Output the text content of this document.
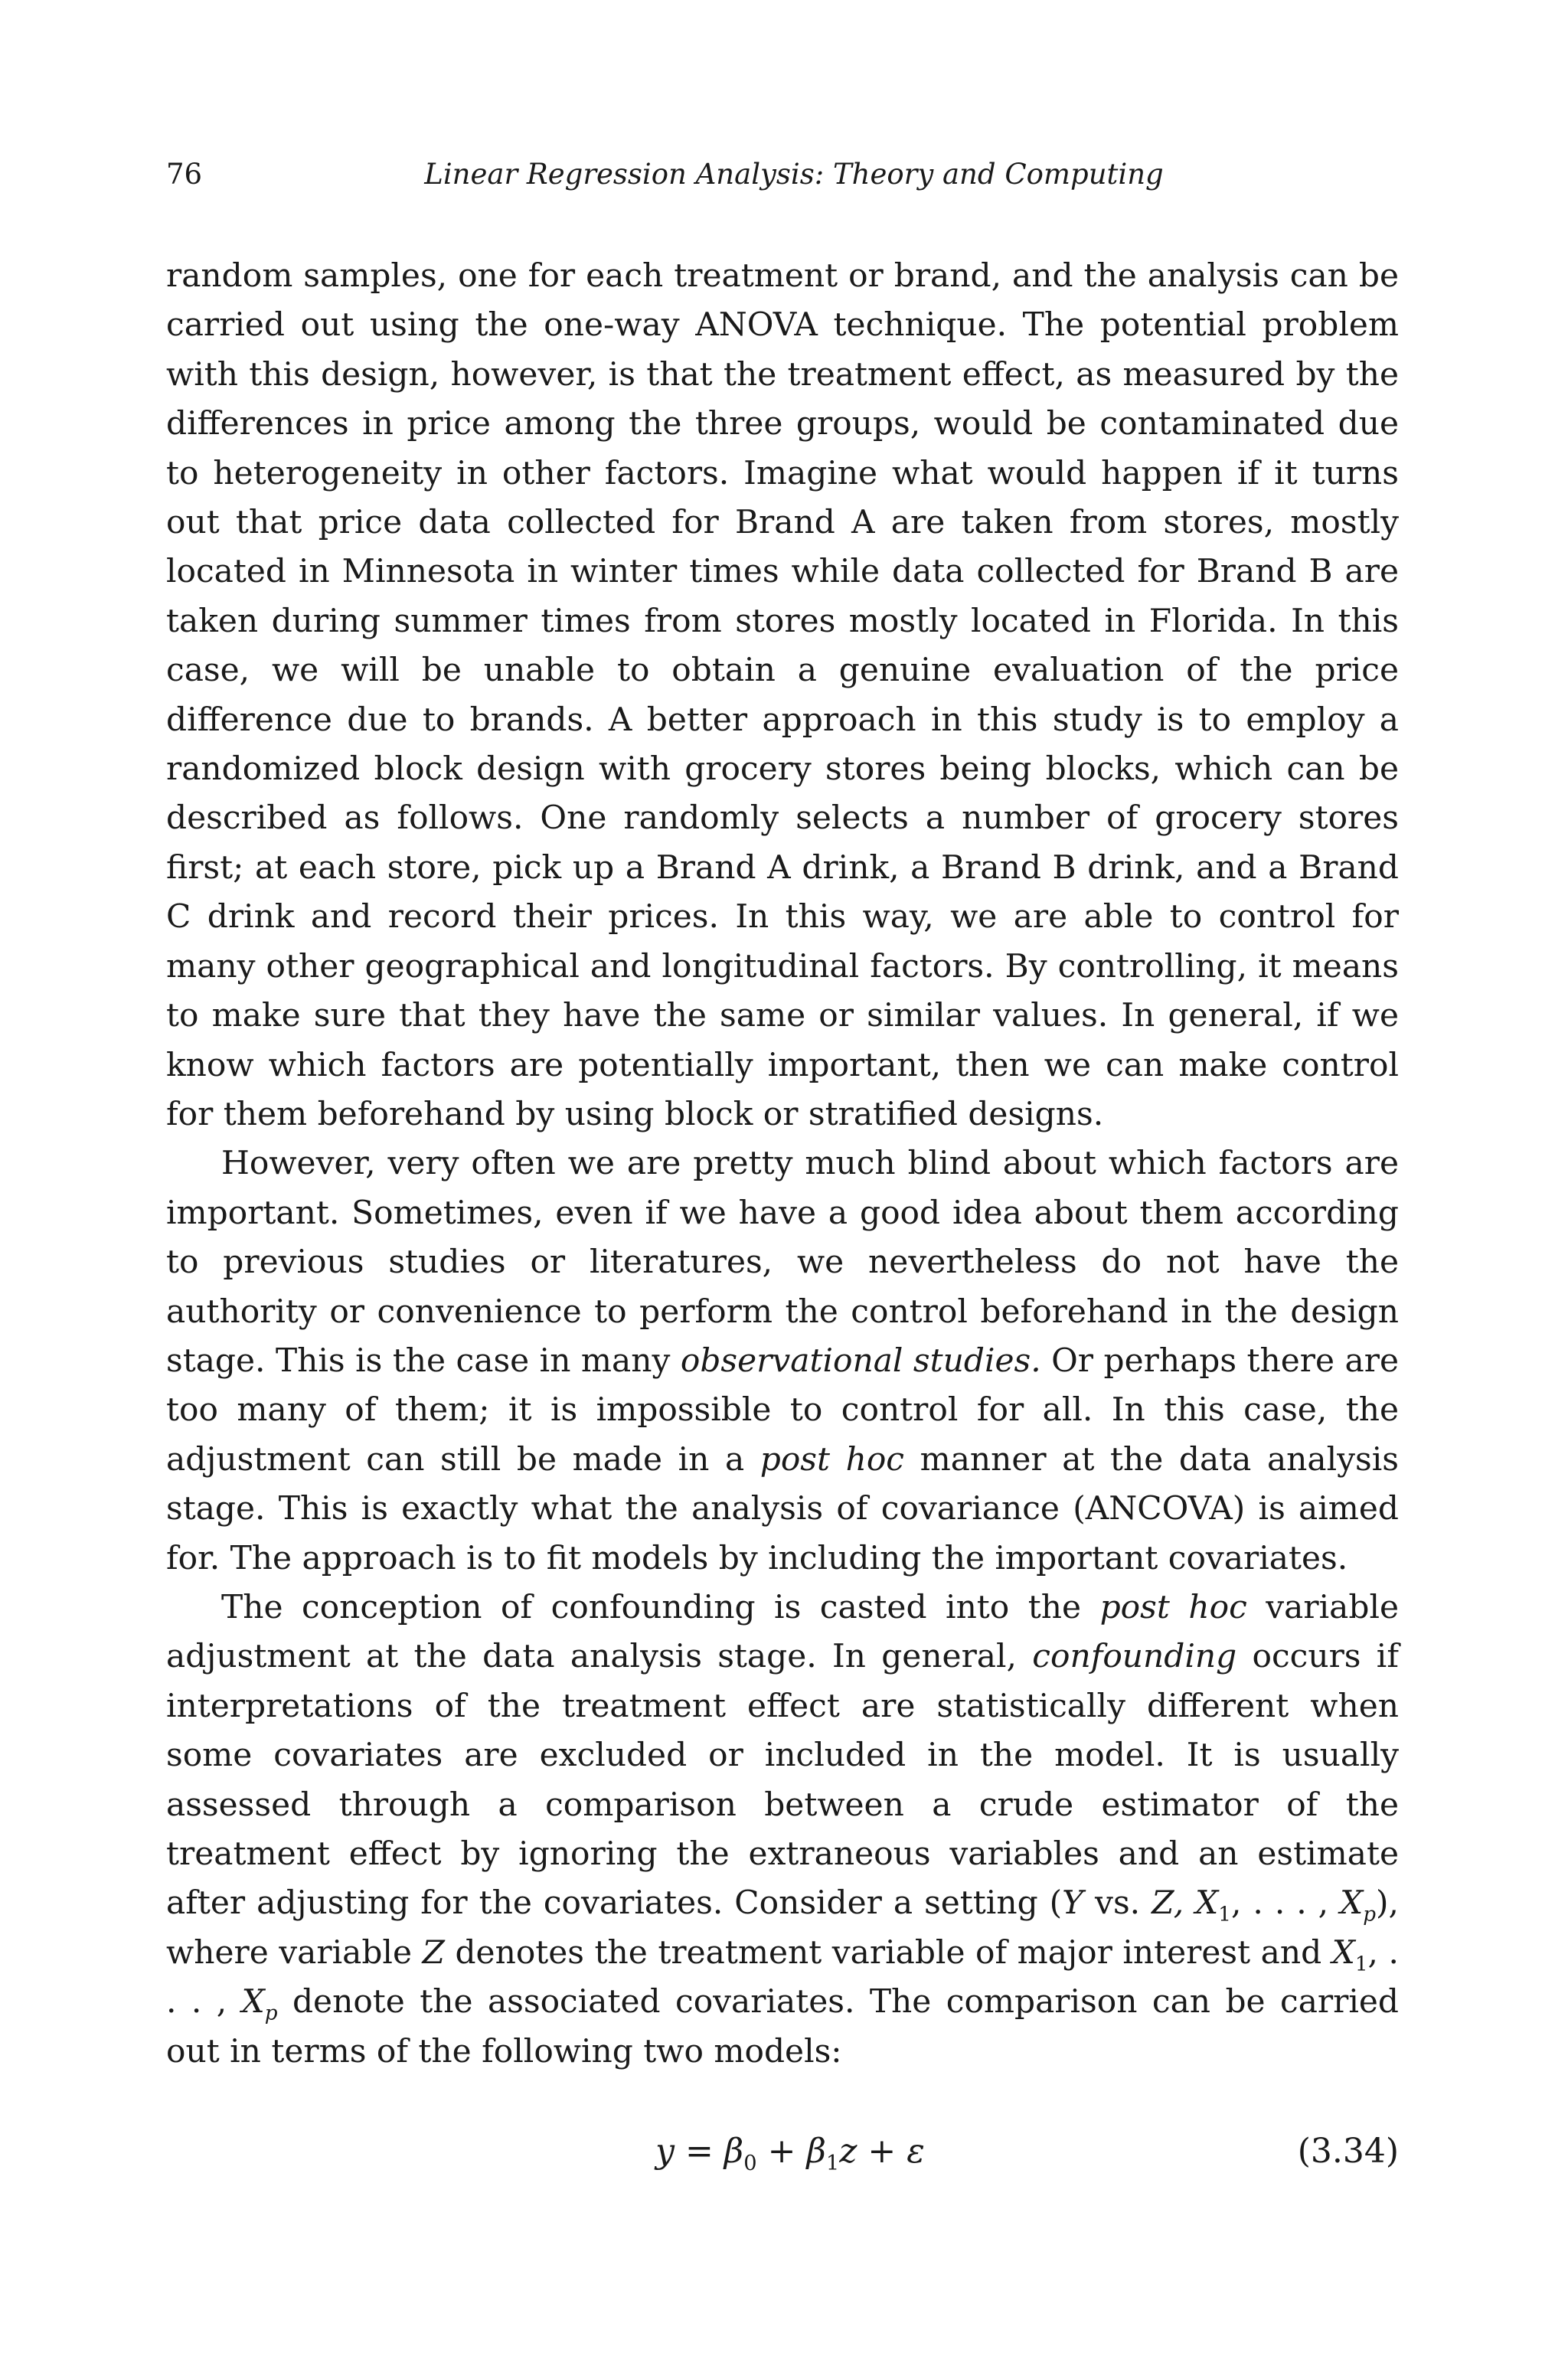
76	Linear Regression Analysis: Theory and Computing

random samples, one for each treatment or brand, and the analysis can be carried out using the one-way ANOVA technique. The potential problem with this design, however, is that the treatment effect, as measured by the differences in price among the three groups, would be contaminated due to heterogeneity in other factors. Imagine what would happen if it turns out that price data collected for Brand A are taken from stores, mostly located in Minnesota in winter times while data collected for Brand B are taken during summer times from stores mostly located in Florida. In this case, we will be unable to obtain a genuine evaluation of the price difference due to brands. A better approach in this study is to employ a randomized block design with grocery stores being blocks, which can be described as follows. One randomly selects a number of grocery stores first; at each store, pick up a Brand A drink, a Brand B drink, and a Brand C drink and record their prices. In this way, we are able to control for many other geographical and longitudinal factors. By controlling, it means to make sure that they have the same or similar values. In general, if we know which factors are potentially important, then we can make control for them beforehand by using block or stratified designs.

However, very often we are pretty much blind about which factors are important. Sometimes, even if we have a good idea about them according to previous studies or literatures, we nevertheless do not have the authority or convenience to perform the control beforehand in the design stage. This is the case in many observational studies. Or perhaps there are too many of them; it is impossible to control for all. In this case, the adjustment can still be made in a post hoc manner at the data analysis stage. This is exactly what the analysis of covariance (ANCOVA) is aimed for. The approach is to fit models by including the important covariates.

The conception of confounding is casted into the post hoc variable adjustment at the data analysis stage. In general, confounding occurs if interpretations of the treatment effect are statistically different when some covariates are excluded or included in the model. It is usually assessed through a comparison between a crude estimator of the treatment effect by ignoring the extraneous variables and an estimate after adjusting for the covariates. Consider a setting (Y vs. Z, $X_1$, . . . , $X_p$), where variable Z denotes the treatment variable of major interest and $X_1$, . . . , $X_p$ denote the associated covariates. The comparison can be carried out in terms of the following two models:

$y = \beta_0 + \beta_1z + \varepsilon$	(3.34)
